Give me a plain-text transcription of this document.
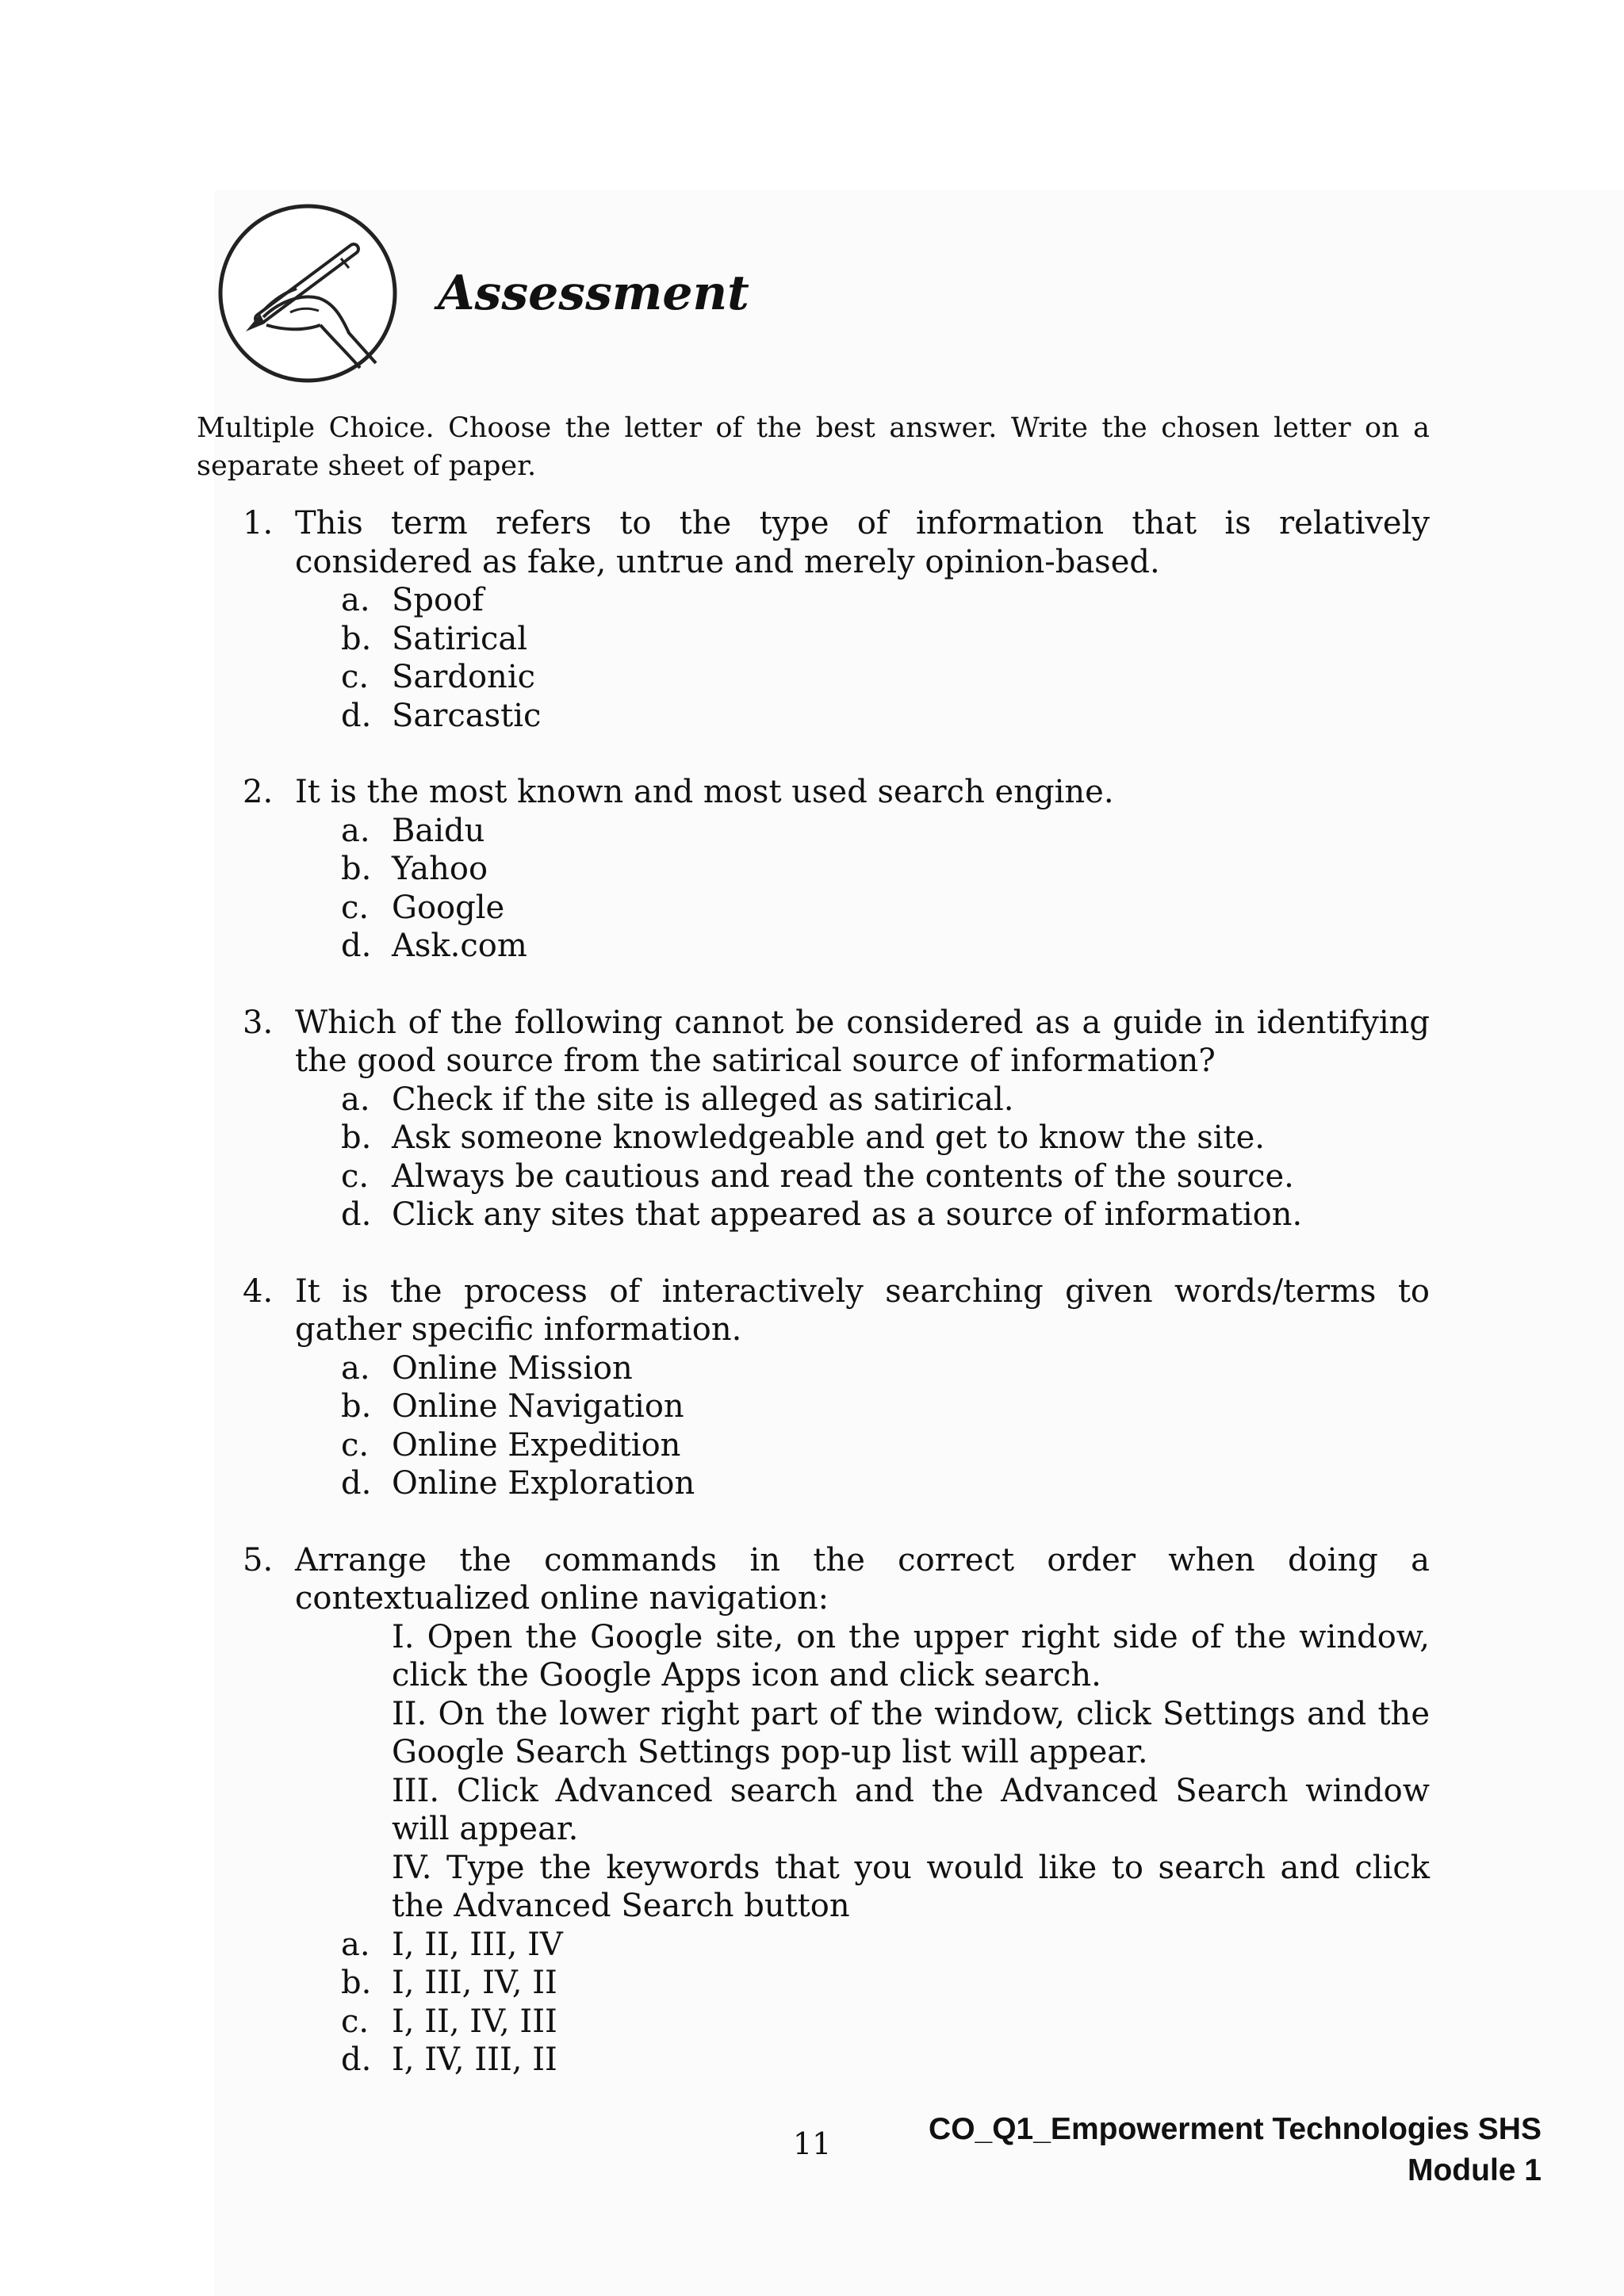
Assessment
Multiple Choice. Choose the letter of the best answer. Write the chosen letter on a separate sheet of paper.
1. This term refers to the type of information that is relatively considered as fake, untrue and merely opinion-based.
a. Spoof
b. Satirical
c. Sardonic
d. Sarcastic
2. It is the most known and most used search engine.
a. Baidu
b. Yahoo
c. Google
d. Ask.com
3. Which of the following cannot be considered as a guide in identifying the good source from the satirical source of information?
a. Check if the site is alleged as satirical.
b. Ask someone knowledgeable and get to know the site.
c. Always be cautious and read the contents of the source.
d. Click any sites that appeared as a source of information.
4. It is the process of interactively searching given words/terms to gather specific information.
a. Online Mission
b. Online Navigation
c. Online Expedition
d. Online Exploration
5. Arrange the commands in the correct order when doing a contextualized online navigation:
I. Open the Google site, on the upper right side of the window, click the Google Apps icon and click search.
II. On the lower right part of the window, click Settings and the Google Search Settings pop-up list will appear.
III. Click Advanced search and the Advanced Search window will appear.
IV. Type the keywords that you would like to search and click the Advanced Search button
a. I, II, III, IV
b. I, III, IV, II
c. I, II, IV, III
d. I, IV, III, II
11	CO_Q1_Empowerment Technologies SHS
Module 1
